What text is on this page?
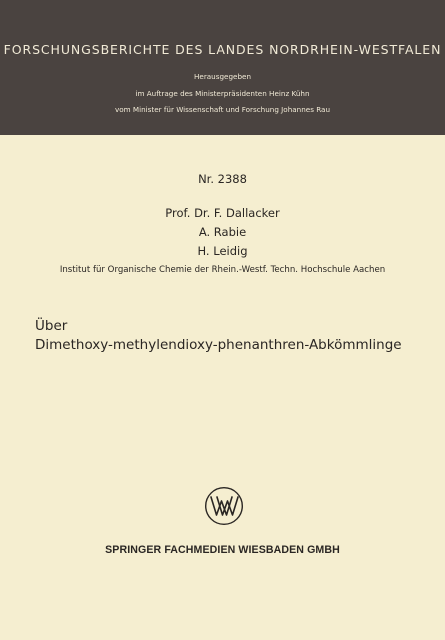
FORSCHUNGSBERICHTE DES LANDES NORDRHEIN-WESTFALEN
Herausgegeben
im Auftrage des Ministerpräsidenten Heinz Kühn
vom Minister für Wissenschaft und Forschung Johannes Rau
Nr. 2388
Prof. Dr. F. Dallacker
A. Rabie
H. Leidig
Institut für Organische Chemie der Rhein.-Westf. Techn. Hochschule Aachen
Über
Dimethoxy-methylendioxy-phenanthren-Abkömmlinge
SPRINGER FACHMEDIEN WIESBADEN GMBH
